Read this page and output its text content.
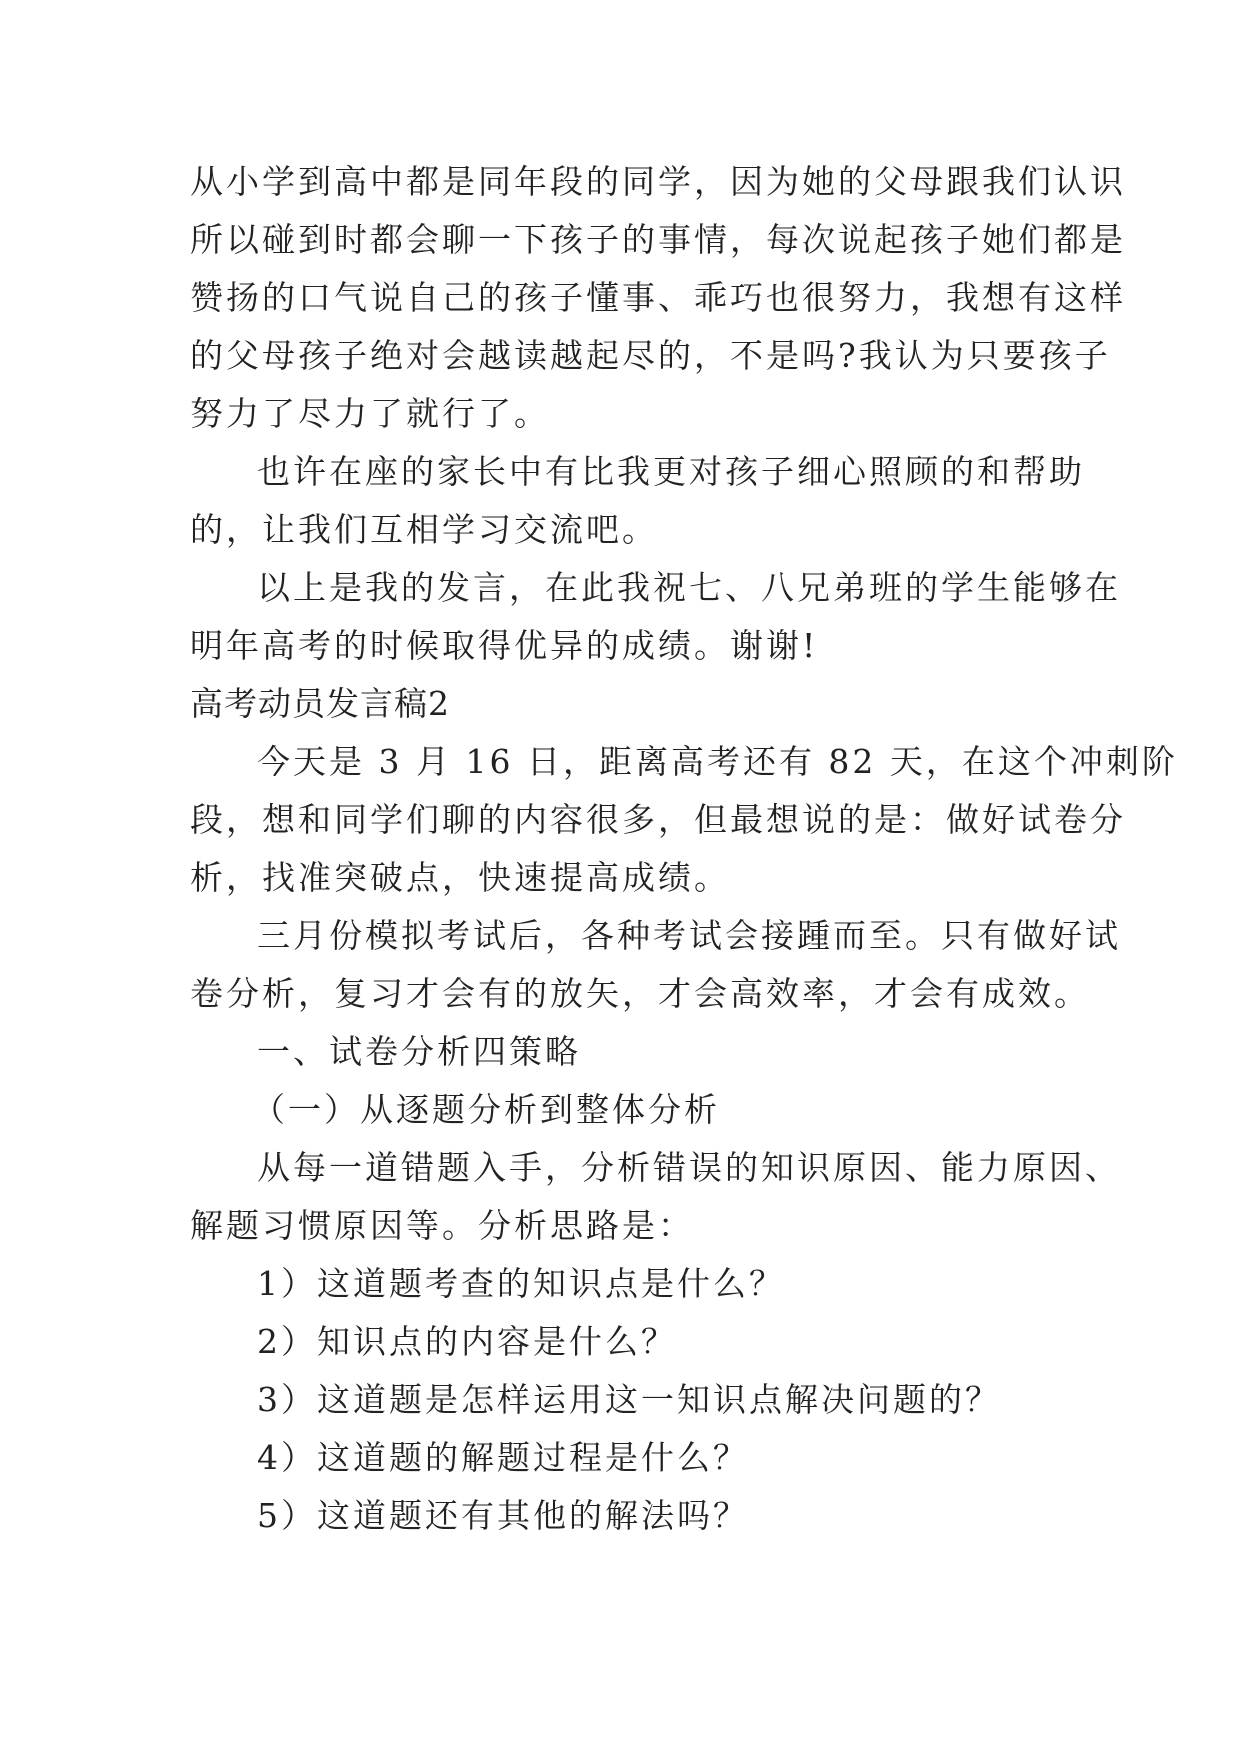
从小学到高中都是同年段的同学，因为她的父母跟我们认识
所以碰到时都会聊一下孩子的事情，每次说起孩子她们都是
赞扬的口气说自己的孩子懂事、乖巧也很努力，我想有这样
的父母孩子绝对会越读越起尽的，不是吗?我认为只要孩子
努力了尽力了就行了。
也许在座的家长中有比我更对孩子细心照顾的和帮助
的，让我们互相学习交流吧。
以上是我的发言，在此我祝七、八兄弟班的学生能够在
明年高考的时候取得优异的成绩。谢谢!
高考动员发言稿2
今天是 3 月 16 日，距离高考还有 82 天，在这个冲刺阶
段，想和同学们聊的内容很多，但最想说的是：做好试卷分
析，找准突破点，快速提高成绩。
三月份模拟考试后，各种考试会接踵而至。只有做好试
卷分析，复习才会有的放矢，才会高效率，才会有成效。
一、试卷分析四策略
（一）从逐题分析到整体分析
从每一道错题入手，分析错误的知识原因、能力原因、
解题习惯原因等。分析思路是：
1）这道题考查的知识点是什么？
2）知识点的内容是什么？
3）这道题是怎样运用这一知识点解决问题的？
4）这道题的解题过程是什么？
5）这道题还有其他的解法吗？
